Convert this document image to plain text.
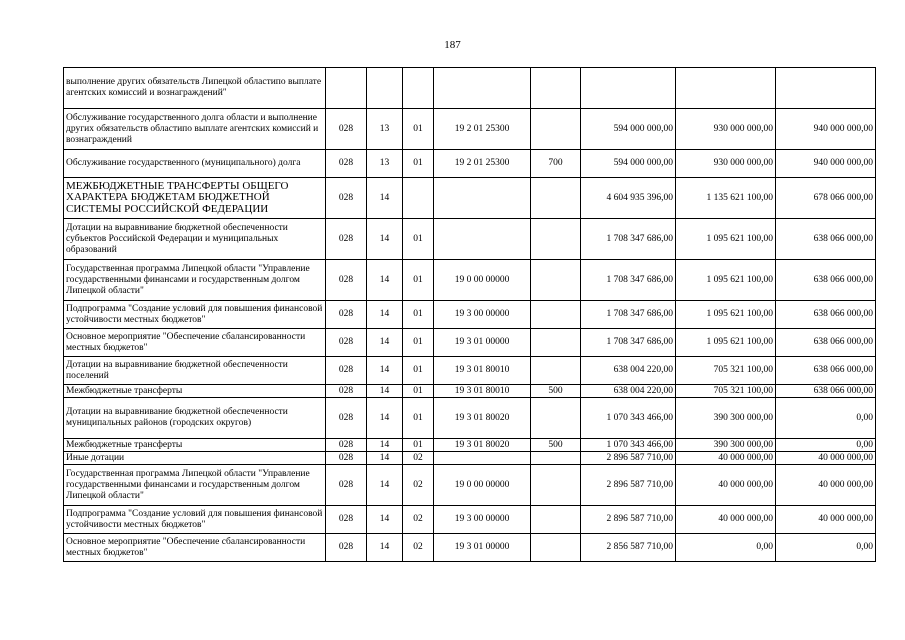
187
выполнение других обязательств Липецкой областипо выплате агентских комиссий и вознаграждений"								
Обслуживание государственного долга области и выполнение других обязательств областипо выплате агентских комиссий и вознаграждений	028	13	01	19 2 01 25300		594 000 000,00	930 000 000,00	940 000 000,00
Обслуживание государственного (муниципального) долга	028	13	01	19 2 01 25300	700	594 000 000,00	930 000 000,00	940 000 000,00
МЕЖБЮДЖЕТНЫЕ ТРАНСФЕРТЫ ОБЩЕГО ХАРАКТЕРА БЮДЖЕТАМ БЮДЖЕТНОЙ СИСТЕМЫ РОССИЙСКОЙ ФЕДЕРАЦИИ	028	14				4 604 935 396,00	1 135 621 100,00	678 066 000,00
Дотации на выравнивание бюджетной обеспеченности субъектов Российской Федерации и муниципальных образований	028	14	01			1 708 347 686,00	1 095 621 100,00	638 066 000,00
Государственная программа Липецкой области "Управление государственными финансами и государственным долгом Липецкой области"	028	14	01	19 0 00 00000		1 708 347 686,00	1 095 621 100,00	638 066 000,00
Подпрограмма "Создание условий для повышения финансовой устойчивости местных бюджетов"	028	14	01	19 3 00 00000		1 708 347 686,00	1 095 621 100,00	638 066 000,00
Основное мероприятие "Обеспечение сбалансированности местных бюджетов"	028	14	01	19 3 01 00000		1 708 347 686,00	1 095 621 100,00	638 066 000,00
Дотации на выравнивание бюджетной обеспеченности поселений	028	14	01	19 3 01 80010		638 004 220,00	705 321 100,00	638 066 000,00
Межбюджетные трансферты	028	14	01	19 3 01 80010	500	638 004 220,00	705 321 100,00	638 066 000,00
Дотации на выравнивание бюджетной обеспеченности муниципальных районов (городских округов)	028	14	01	19 3 01 80020		1 070 343 466,00	390 300 000,00	0,00
Межбюджетные трансферты	028	14	01	19 3 01 80020	500	1 070 343 466,00	390 300 000,00	0,00
Иные дотации	028	14	02			2 896 587 710,00	40 000 000,00	40 000 000,00
Государственная программа Липецкой области "Управление государственными финансами и государственным долгом Липецкой области"	028	14	02	19 0 00 00000		2 896 587 710,00	40 000 000,00	40 000 000,00
Подпрограмма "Создание условий для повышения финансовой устойчивости местных бюджетов"	028	14	02	19 3 00 00000		2 896 587 710,00	40 000 000,00	40 000 000,00
Основное мероприятие "Обеспечение сбалансированности местных бюджетов"	028	14	02	19 3 01 00000		2 856 587 710,00	0,00	0,00
